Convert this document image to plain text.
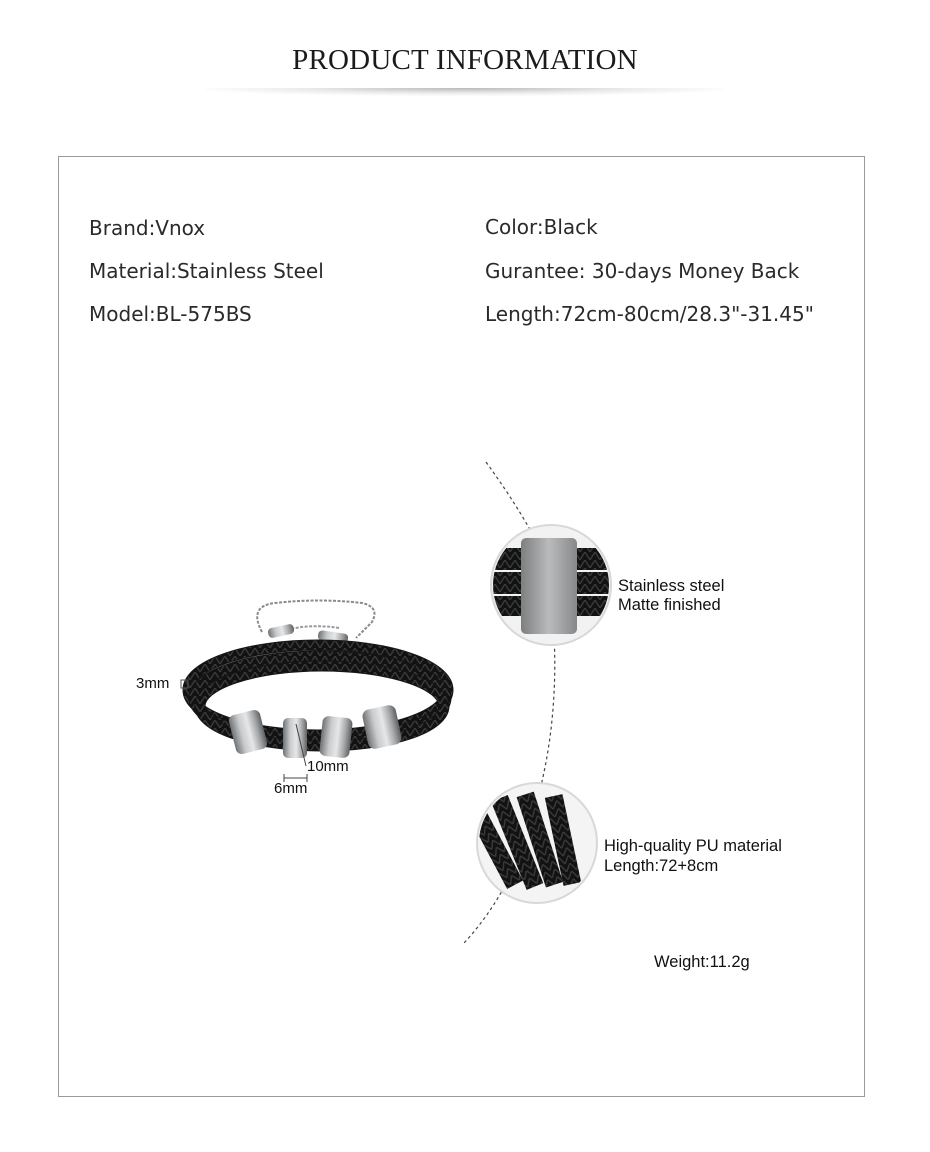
PRODUCT INFORMATION
Brand:Vnox
Material:Stainless Steel
Model:BL-575BS
Color:Black
Gurantee: 30-days Money Back
Length:72cm-80cm/28.3"-31.45"
3mm
10mm
6mm
Stainless steel
Matte finished
High-quality PU material
Length:72+8cm
Weight:11.2g
